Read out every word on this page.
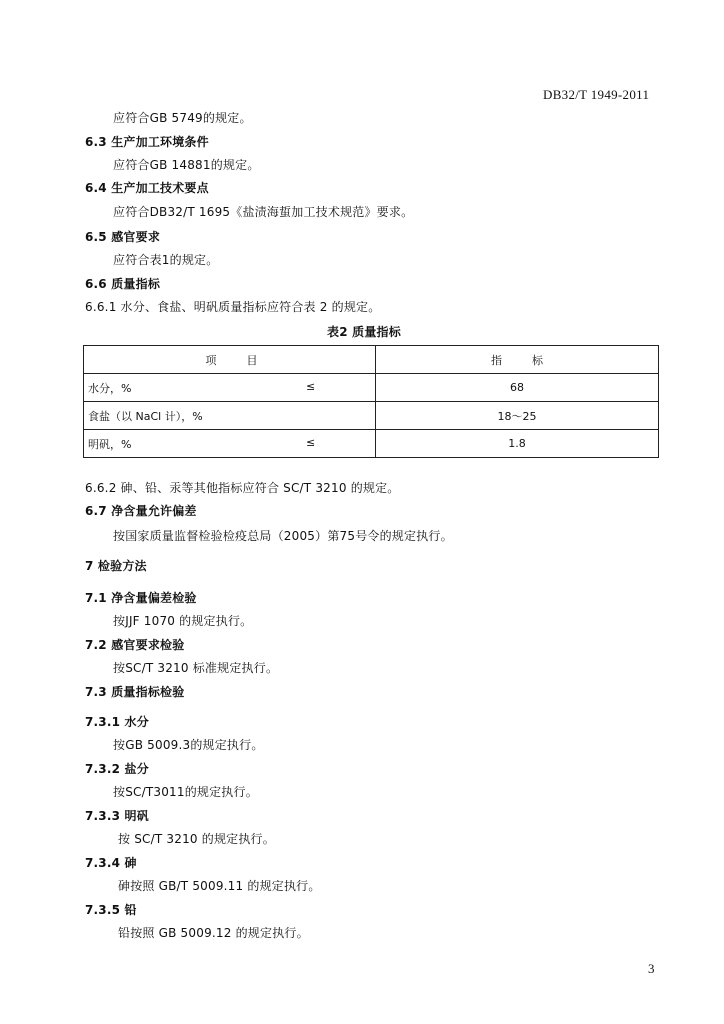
DB32/T 1949-2011
应符合GB 5749的规定。
6.3 生产加工环境条件
应符合GB 14881的规定。
6.4 生产加工技术要点
应符合DB32/T 1695《盐渍海蜇加工技术规范》要求。
6.5 感官要求
应符合表1的规定。
6.6 质量指标
6.6.1 水分、食盐、明矾质量指标应符合表 2 的规定。
表2 质量指标
项目	指标

水分，% ≤	68
食盐（以 NaCl 计），%	18～25
明矾，% ≤	1.8
6.6.2 砷、铅、汞等其他指标应符合 SC/T 3210 的规定。
6.7 净含量允许偏差
按国家质量监督检验检疫总局（2005）第75号令的规定执行。
7 检验方法
7.1 净含量偏差检验
按JJF 1070 的规定执行。
7.2 感官要求检验
按SC/T 3210 标准规定执行。
7.3 质量指标检验
7.3.1 水分
按GB 5009.3的规定执行。
7.3.2 盐分
按SC/T3011的规定执行。
7.3.3 明矾
按 SC/T 3210 的规定执行。
7.3.4 砷
砷按照 GB/T 5009.11 的规定执行。
7.3.5 铅
铅按照 GB 5009.12 的规定执行。
3
